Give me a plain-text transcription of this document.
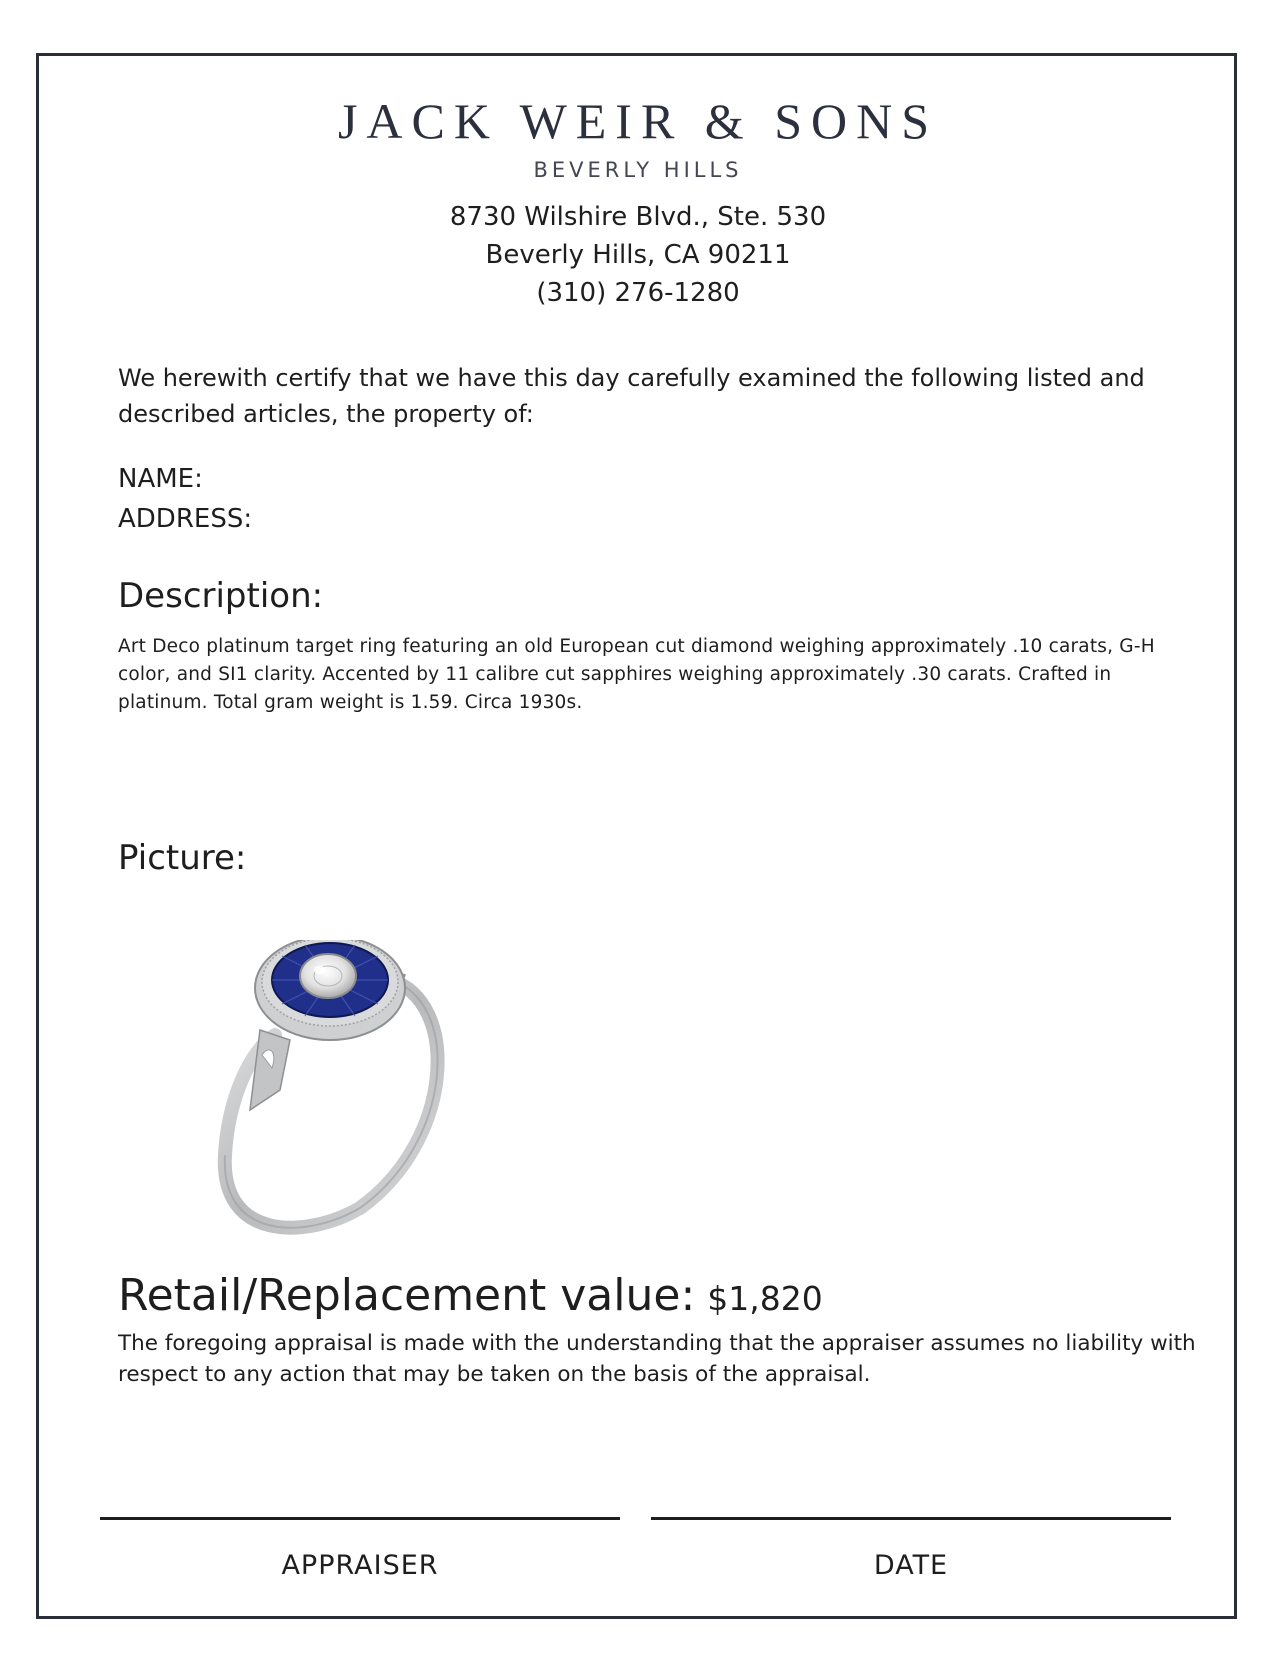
JACK WEIR & SONS
BEVERLY HILLS
8730 Wilshire Blvd., Ste. 530
Beverly Hills, CA 90211
(310) 276-1280
We herewith certify that we have this day carefully examined the following listed and described articles, the property of:
NAME:
ADDRESS:
Description:
Art Deco platinum target ring featuring an old European cut diamond weighing approximately .10 carats, G-H color, and SI1 clarity. Accented by 11 calibre cut sapphires weighing approximately .30 carats. Crafted in platinum. Total gram weight is 1.59. Circa 1930s.
Picture:
Retail/Replacement value: $1,820
The foregoing appraisal is made with the understanding that the appraiser assumes no liability with respect to any action that may be taken on the basis of the appraisal.
APPRAISER	DATE
